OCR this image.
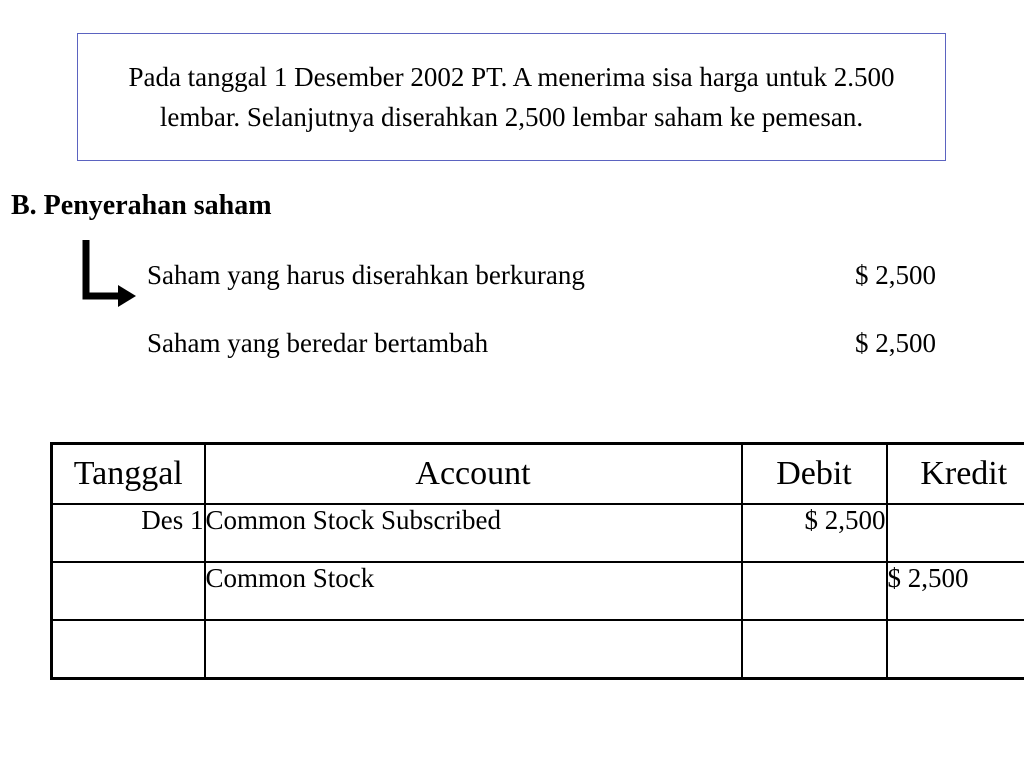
Pada tanggal 1 Desember 2002 PT. A menerima sisa harga untuk 2.500 lembar. Selanjutnya diserahkan 2,500 lembar saham ke pemesan.
B. Penyerahan saham
Saham yang harus diserahkan berkurang	$ 2,500
Saham yang beredar bertambah	$ 2,500
Tanggal	Account	Debit	Kredit
Des 1	Common Stock Subscribed	$ 2,500	
	Common Stock		$ 2,500
